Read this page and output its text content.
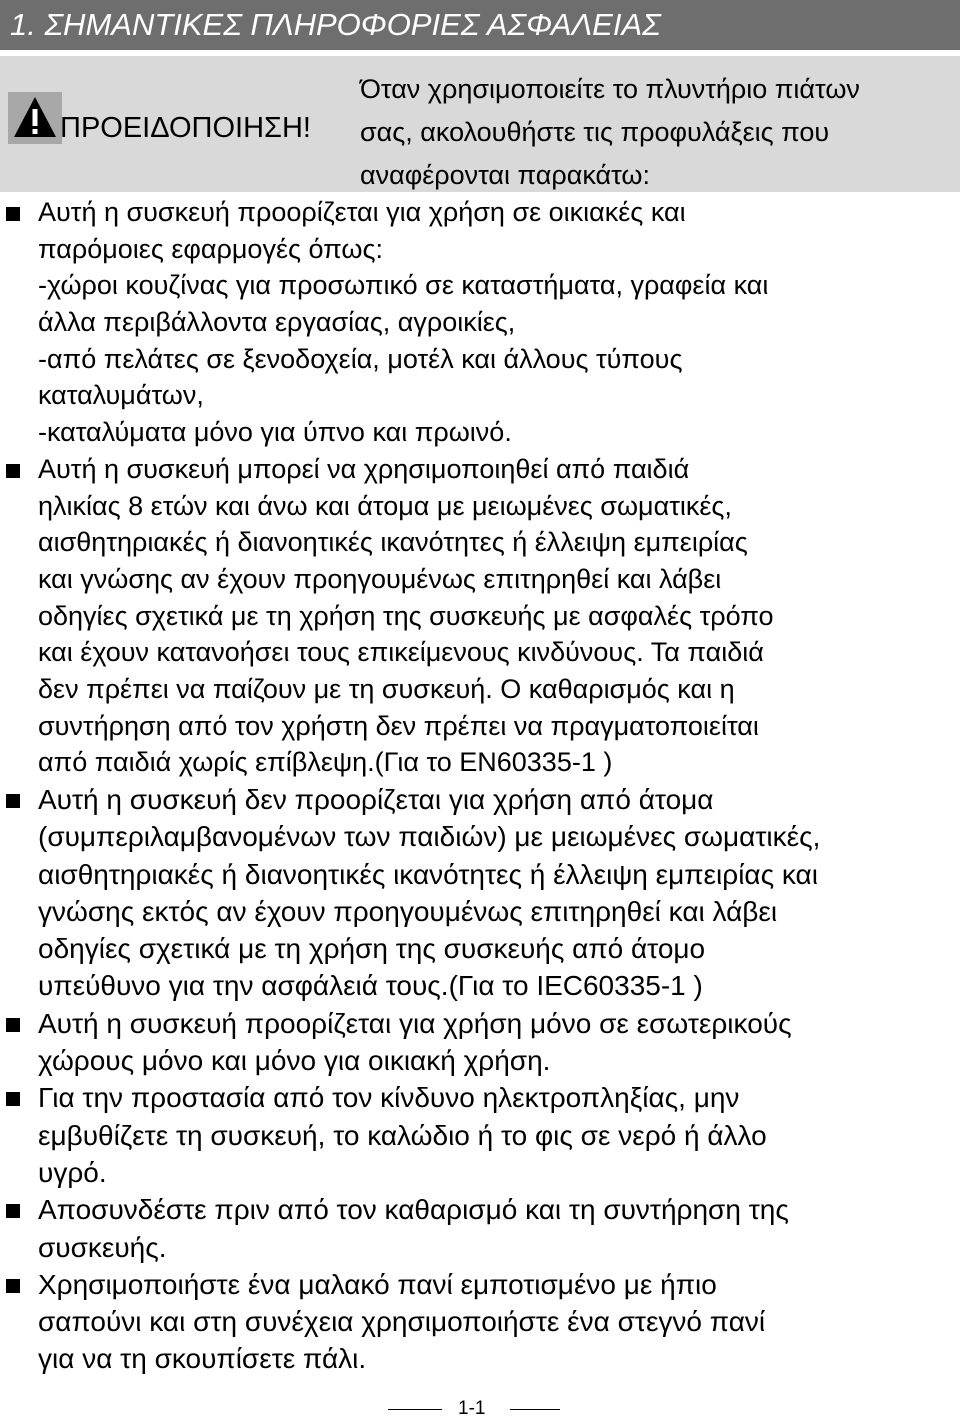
1. ΣΗΜΑΝΤΙΚΕΣ ΠΛΗΡΟΦΟΡΙΕΣ ΑΣΦΑΛΕΙΑΣ
ΠΡΟΕΙΔΟΠΟΙΗΣΗ!
Όταν χρησιμοποιείτε το πλυντήριο πιάτων
σας, ακολουθήστε τις προφυλάξεις που
αναφέρονται παρακάτω:
Αυτή η συσκευή προορίζεται για χρήση σε οικιακές και
παρόμοιες εφαρμογές όπως:
-χώροι κουζίνας για προσωπικό σε καταστήματα, γραφεία και
άλλα περιβάλλοντα εργασίας, αγροικίες,
-από πελάτες σε ξενοδοχεία, μοτέλ και άλλους τύπους
καταλυμάτων,
-καταλύματα μόνο για ύπνο και πρωινό.
Αυτή η συσκευή μπορεί να χρησιμοποιηθεί από παιδιά
ηλικίας 8 ετών και άνω και άτομα με μειωμένες σωματικές,
αισθητηριακές ή διανοητικές ικανότητες ή έλλειψη εμπειρίας
και γνώσης αν έχουν προηγουμένως επιτηρηθεί και λάβει
οδηγίες σχετικά με τη χρήση της συσκευής με ασφαλές τρόπο
και έχουν κατανοήσει τους επικείμενους κινδύνους. Τα παιδιά
δεν πρέπει να παίζουν με τη συσκευή. Ο καθαρισμός και η
συντήρηση από τον χρήστη δεν πρέπει να πραγματοποιείται
από παιδιά χωρίς επίβλεψη.(Για το EN60335-1 )
Αυτή η συσκευή δεν προορίζεται για χρήση από άτομα
(συμπεριλαμβανομένων των παιδιών) με μειωμένες σωματικές,
αισθητηριακές ή διανοητικές ικανότητες ή έλλειψη εμπειρίας και
γνώσης εκτός αν έχουν προηγουμένως επιτηρηθεί και λάβει
οδηγίες σχετικά με τη χρήση της συσκευής από άτομο
υπεύθυνο για την ασφάλειά τους.(Για το IEC60335-1 )
Αυτή η συσκευή προορίζεται για χρήση μόνο σε εσωτερικούς
χώρους μόνο και μόνο για οικιακή χρήση.
Για την προστασία από τον κίνδυνο ηλεκτροπληξίας, μην
εμβυθίζετε τη συσκευή, το καλώδιο ή το φις σε νερό ή άλλο
υγρό.
Αποσυνδέστε πριν από τον καθαρισμό και τη συντήρηση της
συσκευής.
Χρησιμοποιήστε ένα μαλακό πανί εμποτισμένο με ήπιο
σαπούνι και στη συνέχεια χρησιμοποιήστε ένα στεγνό πανί
για να τη σκουπίσετε πάλι.
1-1
